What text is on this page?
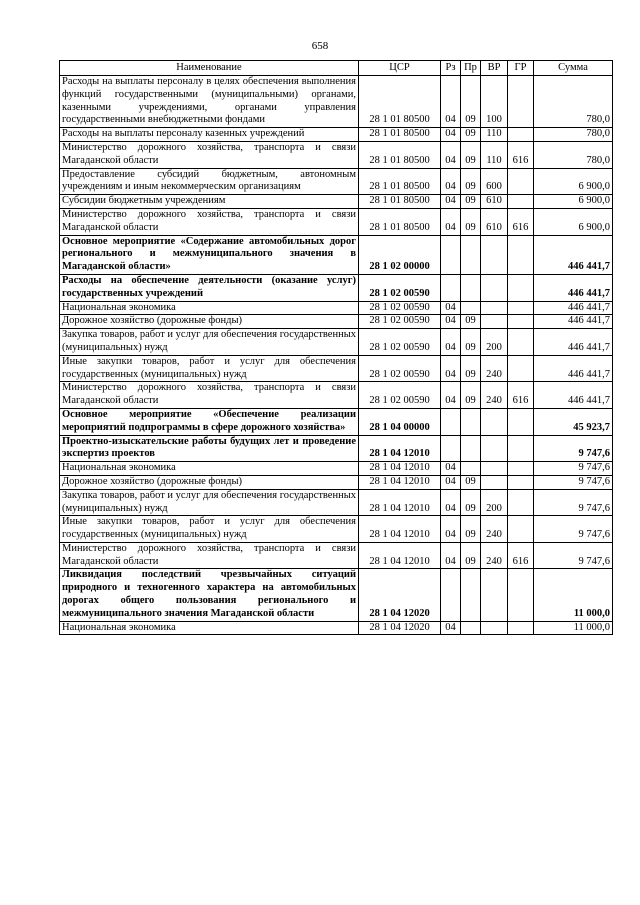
658
Наименование	ЦСР	Рз	Пр	ВР	ГР	Сумма
Расходы на выплаты персоналу в целях обеспечения выполнения функций государственными (муниципальными) органами, казенными учреждениями, органами управления государственными внебюджетными фондами	28 1 01 80500	04	09	100		780,0
Расходы на выплаты персоналу казенных учреждений	28 1 01 80500	04	09	110		780,0
Министерство дорожного хозяйства, транспорта и связи Магаданской области	28 1 01 80500	04	09	110	616	780,0
Предоставление субсидий бюджетным, автономным учреждениям и иным некоммерческим организациям	28 1 01 80500	04	09	600		6 900,0
Субсидии бюджетным учреждениям	28 1 01 80500	04	09	610		6 900,0
Министерство дорожного хозяйства, транспорта и связи Магаданской области	28 1 01 80500	04	09	610	616	6 900,0
Основное мероприятие «Содержание автомобильных дорог регионального и межмуниципального значения в Магаданской области»	28 1 02 00000					446 441,7
Расходы на обеспечение деятельности (оказание услуг) государственных учреждений	28 1 02 00590					446 441,7
Национальная экономика	28 1 02 00590	04				446 441,7
Дорожное хозяйство (дорожные фонды)	28 1 02 00590	04	09			446 441,7
Закупка товаров, работ и услуг для обеспечения государственных (муниципальных) нужд	28 1 02 00590	04	09	200		446 441,7
Иные закупки товаров, работ и услуг для обеспечения государственных (муниципальных) нужд	28 1 02 00590	04	09	240		446 441,7
Министерство дорожного хозяйства, транспорта и связи Магаданской области	28 1 02 00590	04	09	240	616	446 441,7
Основное мероприятие «Обеспечение реализации мероприятий подпрограммы в сфере дорожного хозяйства»	28 1 04 00000					45 923,7
Проектно-изыскательские работы будущих лет и проведение экспертиз проектов	28 1 04 12010					9 747,6
Национальная экономика	28 1 04 12010	04				9 747,6
Дорожное хозяйство (дорожные фонды)	28 1 04 12010	04	09			9 747,6
Закупка товаров, работ и услуг для обеспечения государственных (муниципальных) нужд	28 1 04 12010	04	09	200		9 747,6
Иные закупки товаров, работ и услуг для обеспечения государственных (муниципальных) нужд	28 1 04 12010	04	09	240		9 747,6
Министерство дорожного хозяйства, транспорта и связи Магаданской области	28 1 04 12010	04	09	240	616	9 747,6
Ликвидация последствий чрезвычайных ситуаций природного и техногенного характера на автомобильных дорогах общего пользования регионального и межмуниципального значения Магаданской области	28 1 04 12020					11 000,0
Национальная экономика	28 1 04 12020	04				11 000,0
